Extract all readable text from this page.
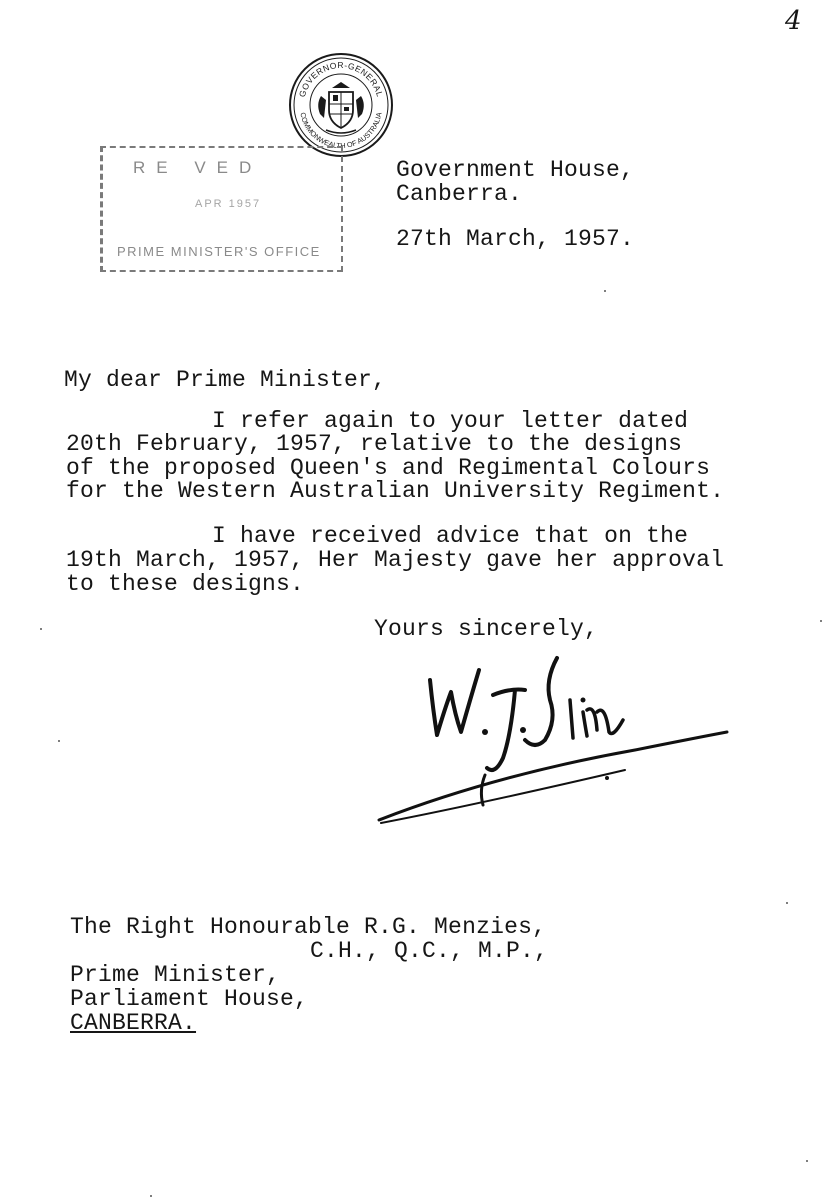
4
GOVERNOR-GENERAL
COMMONWEALTH OF AUSTRALIA
RE VED
APR 1957
PRIME MINISTER'S OFFICE
Government House,
Canberra.
27th March, 1957.
My dear Prime Minister,
I refer again to your letter dated
20th February, 1957, relative to the designs
of the proposed Queen's and Regimental Colours
for the Western Australian University Regiment.
I have received advice that on the
19th March, 1957, Her Majesty gave her approval
to these designs.
Yours sincerely,
The Right Honourable R.G. Menzies,
C.H., Q.C., M.P.,
Prime Minister,
Parliament House,
CANBERRA.
